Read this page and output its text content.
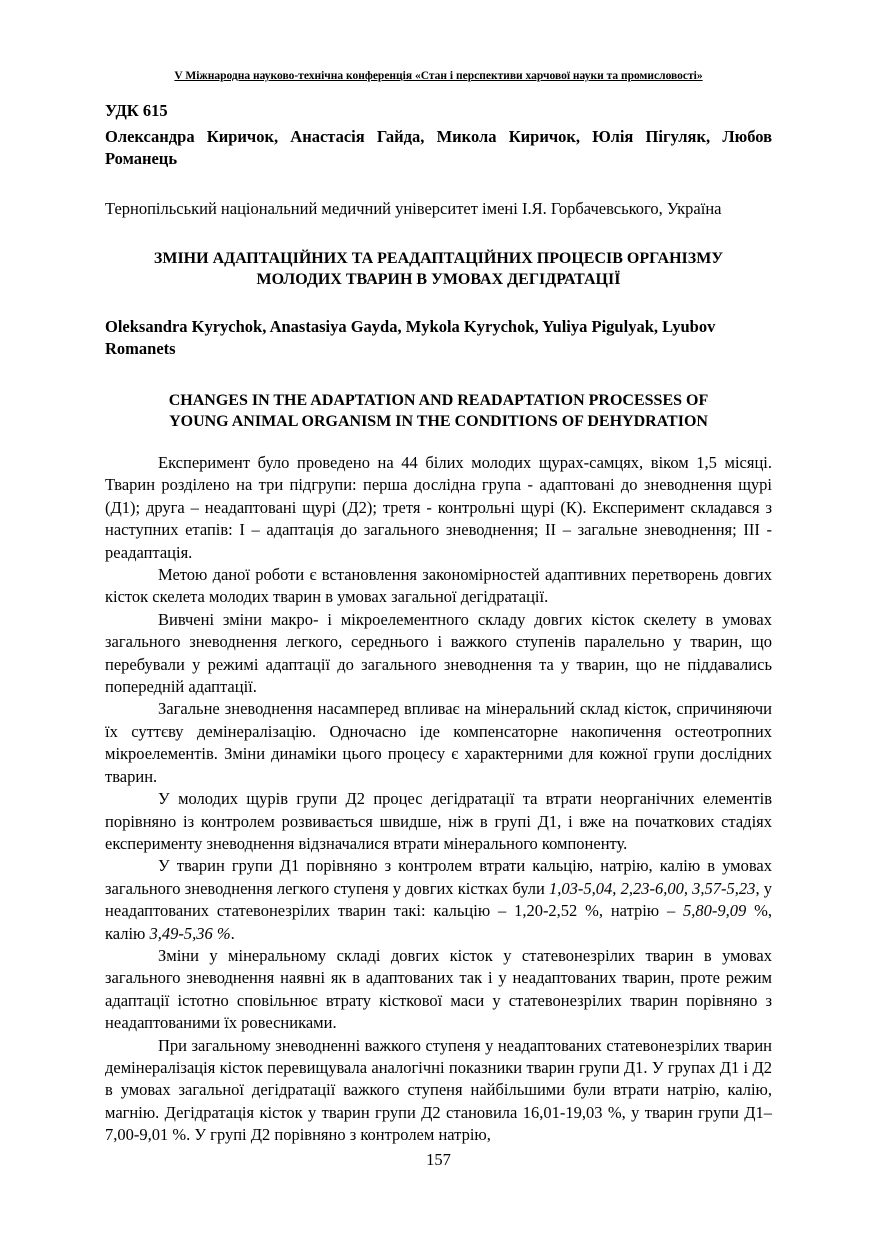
V Міжнародна науково-технічна конференція «Стан і перспективи харчової науки та промисловості»

УДК 615

Олександра Киричок, Анастасія Гайда, Микола Киричок, Юлія Пігуляк, Любов Романець

Тернопільський національний медичний університет імені І.Я. Горбачевського, Україна

ЗМІНИ АДАПТАЦІЙНИХ ТА РЕАДАПТАЦІЙНИХ ПРОЦЕСІВ ОРГАНІЗМУ
МОЛОДИХ ТВАРИН В УМОВАХ ДЕГІДРАТАЦІЇ

Oleksandra Kyrychok, Anastasiya Gayda, Mykola Kyrychok, Yuliya Pigulyak, Lyubov Romanets

CHANGES IN THE ADAPTATION AND READAPTATION PROCESSES OF
YOUNG ANIMAL ORGANISM IN THE CONDITIONS OF DEHYDRATION

Експеримент було проведено на 44 білих молодих щурах-самцях, віком 1,5 місяці. Тварин розділено на три підгрупи: перша дослідна група - адаптовані до зневоднення щурі (Д1); друга – неадаптовані щурі (Д2); третя - контрольні щурі (К). Експеримент складався з наступних етапів: І – адаптація до загального зневоднення; ІІ – загальне зневоднення; ІІІ - реадаптація.

Метою даної роботи є встановлення закономірностей адаптивних перетворень довгих кісток скелета молодих тварин в умовах загальної дегідратації.

Вивчені зміни макро- і мікроелементного складу довгих кісток скелету в умовах загального зневоднення легкого, середнього і важкого ступенів паралельно у тварин, що перебували у режимі адаптації до загального зневоднення та у тварин, що не піддавались попередній адаптації.

Загальне зневоднення насамперед впливає на мінеральний склад кісток, спричиняючи їх суттєву демінералізацію. Одночасно іде компенсаторне накопичення остеотропних мікроелементів. Зміни динаміки цього процесу є характерними для кожної групи дослідних тварин.

У молодих щурів групи Д2 процес дегідратації та втрати неорганічних елементів порівняно із контролем розвивається швидше, ніж в групі Д1, і вже на початкових стадіях експерименту зневоднення відзначалися втрати мінерального компоненту.

У тварин групи Д1 порівняно з контролем втрати кальцію, натрію, калію в умовах загального зневоднення легкого ступеня у довгих кістках були 1,03-5,04, 2,23-6,00, 3,57-5,23, у неадаптованих статевонезрілих тварин такі: кальцію – 1,20-2,52 %, натрію – 5,80-9,09 %, калію 3,49-5,36 %.

Зміни у мінеральному складі довгих кісток у статевонезрілих тварин в умовах загального зневоднення наявні як в адаптованих так і у неадаптованих тварин, проте режим адаптації істотно сповільнює втрату кісткової маси у статевонезрілих тварин порівняно з неадаптованими їх ровесниками.

При загальному зневодненні важкого ступеня у неадаптованих статевонезрілих тварин демінералізація кісток перевищувала аналогічні показники тварин групи Д1. У групах Д1 і Д2 в умовах загальної дегідратації важкого ступеня найбільшими були втрати натрію, калію, магнію. Дегідратація кісток у тварин групи Д2 становила 16,01-19,03 %, у тварин групи Д1– 7,00-9,01 %. У групі Д2 порівняно з контролем натрію,

157
